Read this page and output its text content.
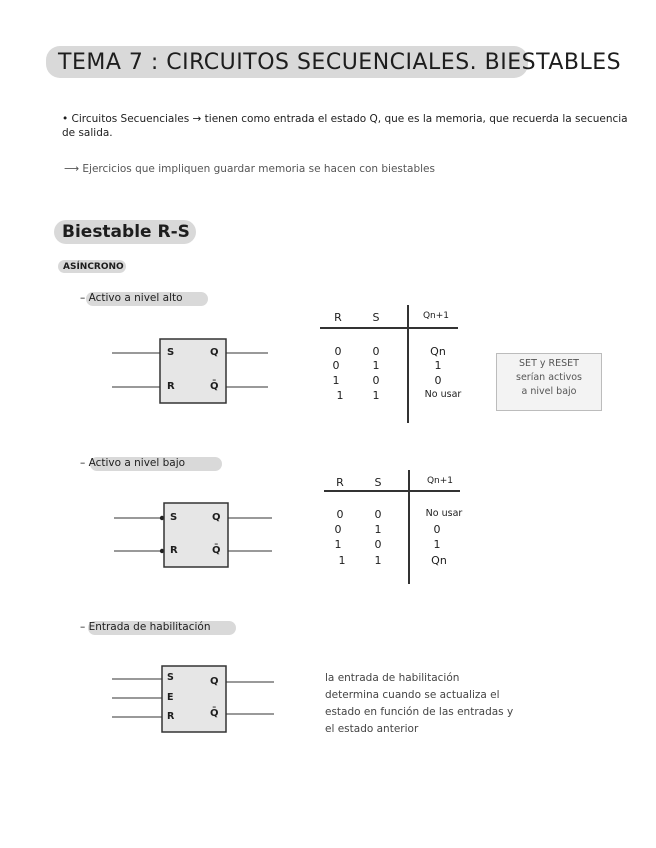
TEMA 7 : CIRCUITOS SECUENCIALES. BIESTABLES
• Circuitos Secuenciales → tienen como entrada el estado Q, que es la memoria, que recuerda la secuencia de salida.
⟶ Ejercicios que impliquen guardar memoria se hacen con biestables
Biestable R-S
ASÍNCRONO
– Activo a nivel alto
S
R
Q
Q̄
R	S	Qn+1
0	0	Qn
0	1	1
1	0	0
1	1	No usar
SET y RESET
serían activos
a nivel bajo
– Activo a nivel bajo
S
R
Q
Q̄
R	S	Qn+1
0	0	No usar
0	1	0
1	0	1
1	1	Qn
– Entrada de habilitación
S
E
R
Q
Q̄
la entrada de habilitación determina cuando se actualiza el estado en función de las entradas y el estado anterior
